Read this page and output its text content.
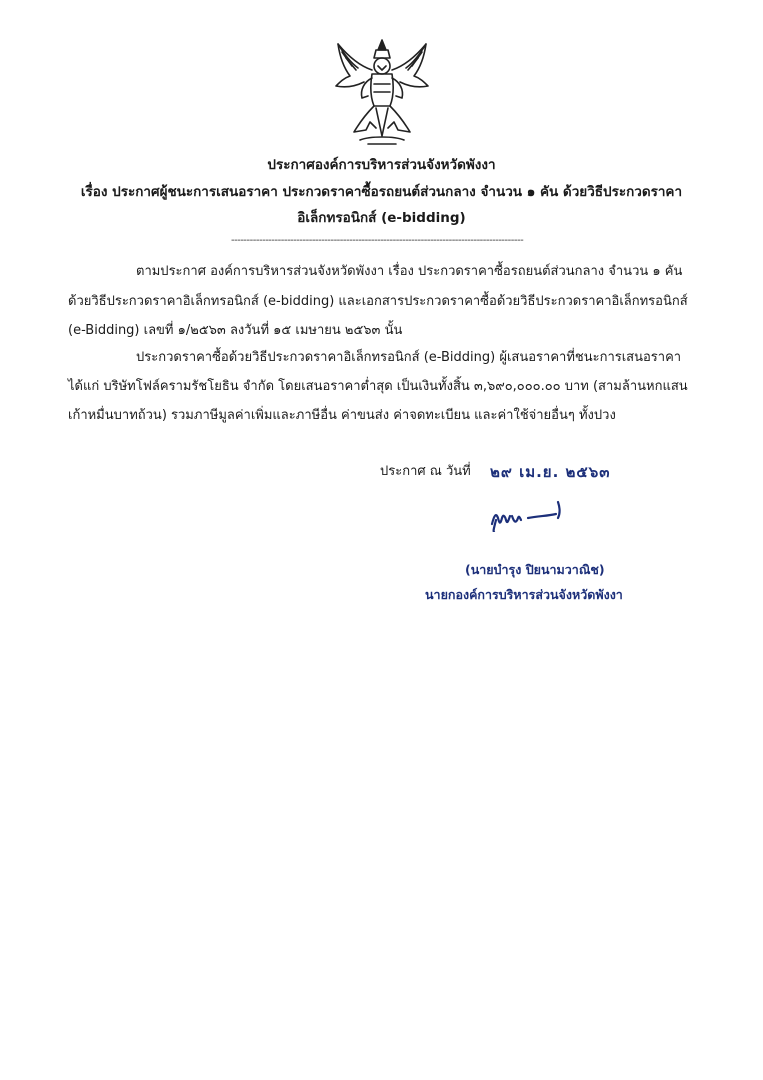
ประกาศองค์การบริหารส่วนจังหวัดพังงา
เรื่อง ประกาศผู้ชนะการเสนอราคา ประกวดราคาซื้อรถยนต์ส่วนกลาง จำนวน ๑ คัน ด้วยวิธีประกวดราคา
อิเล็กทรอนิกส์ (e-bidding)
----------------------------------------------------------------------------------------------
ตามประกาศ องค์การบริหารส่วนจังหวัดพังงา เรื่อง ประกวดราคาซื้อรถยนต์ส่วนกลาง จำนวน ๑ คัน
ด้วยวิธีประกวดราคาอิเล็กทรอนิกส์ (e-bidding) และเอกสารประกวดราคาซื้อด้วยวิธีประกวดราคาอิเล็กทรอนิกส์
(e-Bidding) เลขที่ ๑/๒๕๖๓ ลงวันที่ ๑๕ เมษายน ๒๕๖๓ นั้น
ประกวดราคาซื้อด้วยวิธีประกวดราคาอิเล็กทรอนิกส์ (e-Bidding) ผู้เสนอราคาที่ชนะการเสนอราคา
ได้แก่ บริษัทโฟล์ครามรัชโยธิน จำกัด โดยเสนอราคาต่ำสุด เป็นเงินทั้งสิ้น ๓,๖๙๐,๐๐๐.๐๐ บาท (สามล้านหกแสน
เก้าหมื่นบาทถ้วน) รวมภาษีมูลค่าเพิ่มและภาษีอื่น ค่าขนส่ง ค่าจดทะเบียน และค่าใช้จ่ายอื่นๆ ทั้งปวง
ประกาศ ณ วันที่ ๒๙ เม.ย. ๒๕๖๓
(นายบำรุง ปิยนามวาณิช)
นายกองค์การบริหารส่วนจังหวัดพังงา
